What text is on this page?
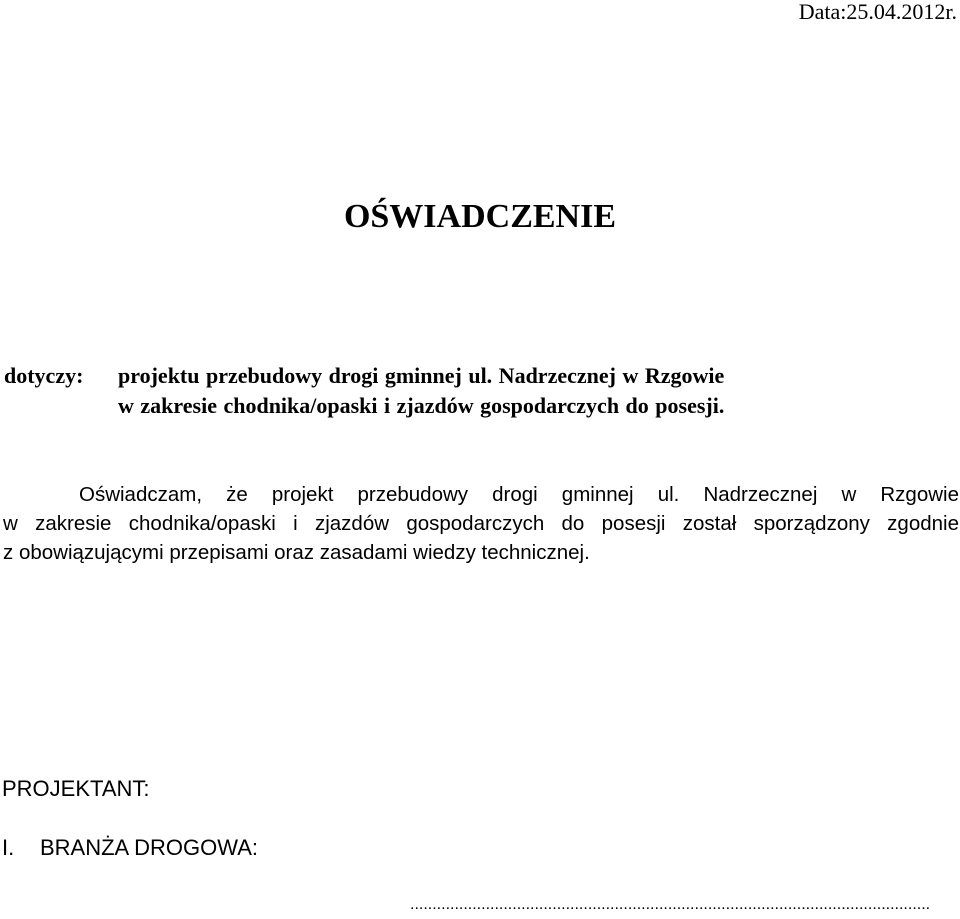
Data:25.04.2012r.
OŚWIADCZENIE
dotyczy: projektu przebudowy drogi gminnej ul. Nadrzecznej w Rzgowie
w zakresie chodnika/opaski i zjazdów gospodarczych do posesji.
Oświadczam, że projekt przebudowy drogi gminnej ul. Nadrzecznej w Rzgowie
w zakresie chodnika/opaski i zjazdów gospodarczych do posesji został sporządzony zgodnie
z obowiązującymi przepisami oraz zasadami wiedzy technicznej.
PROJEKTANT:
I. BRANŻA DROGOWA:
.....................................................................................................................
